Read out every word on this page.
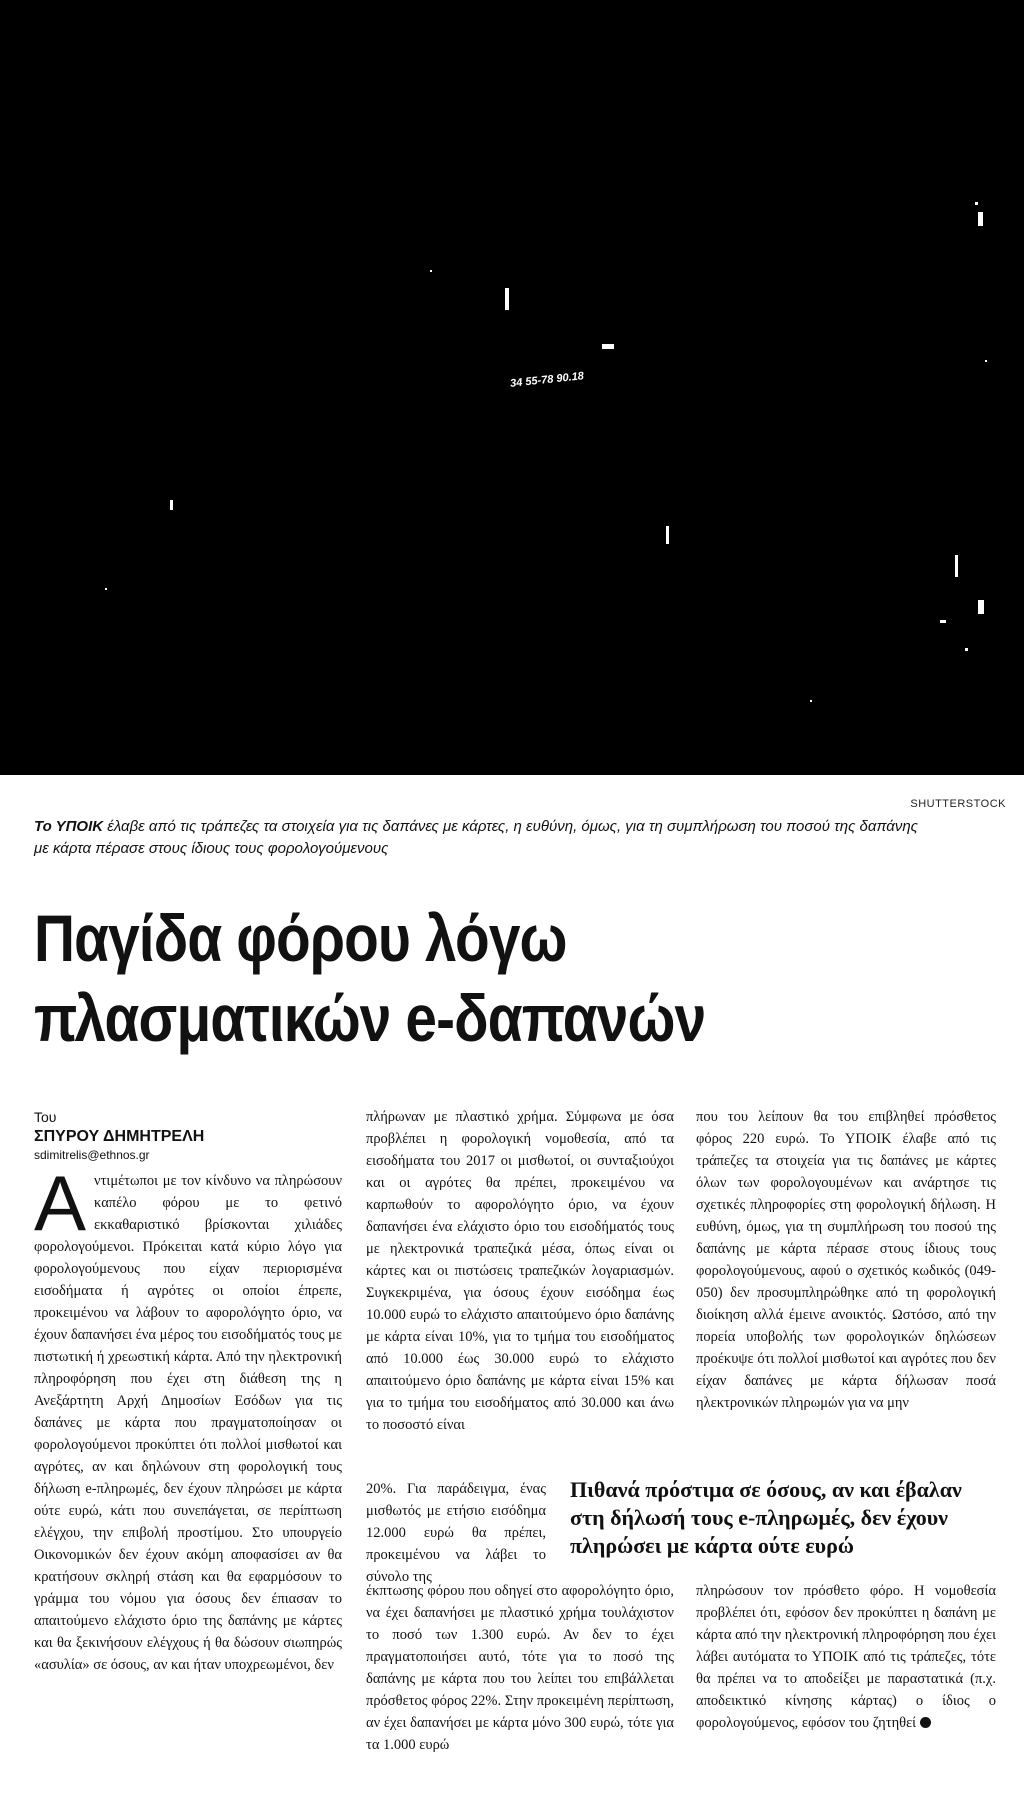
34 55-78 90.18
SHUTTERSTOCK
Το ΥΠΟΙΚ έλαβε από τις τράπεζες τα στοιχεία για τις δαπάνες με κάρτες, η ευθύνη, όμως, για τη συμπλήρωση του ποσού της δαπάνης με κάρτα πέρασε στους ίδιους τους φορολογούμενους
Παγίδα φόρου λόγω
πλασματικών e-δαπανών
Του
ΣΠΥΡΟΥ ΔΗΜΗΤΡΕΛΗ
sdimitrelis@ethnos.gr
Αντιμέτωποι με τον κίνδυνο να πληρώσουν καπέλο φόρου με το φετινό εκκαθαριστικό βρίσκονται χιλιάδες φορολογούμενοι. Πρόκειται κατά κύριο λόγο για φορολογούμενους που είχαν περιορισμένα εισοδήματα ή αγρότες οι οποίοι έπρεπε, προκειμένου να λάβουν το αφορολόγητο όριο, να έχουν δαπανήσει ένα μέρος του εισοδήματός τους με πιστωτική ή χρεωστική κάρτα. Από την ηλεκτρονική πληροφόρηση που έχει στη διάθεση της η Ανεξάρτητη Αρχή Δημοσίων Εσόδων για τις δαπάνες με κάρτα που πραγματοποίησαν οι φορολογούμενοι προκύπτει ότι πολλοί μισθωτοί και αγρότες, αν και δηλώνουν στη φορολογική τους δήλωση e-πληρωμές, δεν έχουν πληρώσει με κάρτα ούτε ευρώ, κάτι που συνεπάγεται, σε περίπτωση ελέγχου, την επιβολή προστίμου. Στο υπουργείο Οικονομικών δεν έχουν ακόμη αποφασίσει αν θα κρατήσουν σκληρή στάση και θα εφαρμόσουν το γράμμα του νόμου για όσους δεν έπιασαν το απαιτούμενο ελάχιστο όριο της δαπάνης με κάρτες και θα ξεκινήσουν ελέγχους ή θα δώσουν σιωπηρώς «ασυλία» σε όσους, αν και ήταν υποχρεωμένοι, δεν
πλήρωναν με πλαστικό χρήμα. Σύμφωνα με όσα προβλέπει η φορολογική νομοθεσία, από τα εισοδήματα του 2017 οι μισθωτοί, οι συνταξιούχοι και οι αγρότες θα πρέπει, προκειμένου να καρπωθούν το αφορολόγητο όριο, να έχουν δαπανήσει ένα ελάχιστο όριο του εισοδήματός τους με ηλεκτρονικά τραπεζικά μέσα, όπως είναι οι κάρτες και οι πιστώσεις τραπεζικών λογαριασμών. Συγκεκριμένα, για όσους έχουν εισόδημα έως 10.000 ευρώ το ελάχιστο απαιτούμενο όριο δαπάνης με κάρτα είναι 10%, για το τμήμα του εισοδήματος από 10.000 έως 30.000 ευρώ το ελάχιστο απαιτούμενο όριο δαπάνης με κάρτα είναι 15% και για το τμήμα του εισοδήματος από 30.000 και άνω το ποσοστό είναι
20%. Για παράδειγμα, ένας μισθωτός με ετήσιο εισόδημα 12.000 ευρώ θα πρέπει, προκειμένου να λάβει το σύνολο της
έκπτωσης φόρου που οδηγεί στο αφορολόγητο όριο, να έχει δαπανήσει με πλαστικό χρήμα τουλάχιστον το ποσό των 1.300 ευρώ. Αν δεν το έχει πραγματοποιήσει αυτό, τότε για το ποσό της δαπάνης με κάρτα που του λείπει του επιβάλλεται πρόσθετος φόρος 22%. Στην προκειμένη περίπτωση, αν έχει δαπανήσει με κάρτα μόνο 300 ευρώ, τότε για τα 1.000 ευρώ
που του λείπουν θα του επιβληθεί πρόσθετος φόρος 220 ευρώ. Το ΥΠΟΙΚ έλαβε από τις τράπεζες τα στοιχεία για τις δαπάνες με κάρτες όλων των φορολογουμένων και ανάρτησε τις σχετικές πληροφορίες στη φορολογική δήλωση. Η ευθύνη, όμως, για τη συμπλήρωση του ποσού της δαπάνης με κάρτα πέρασε στους ίδιους τους φορολογούμενους, αφού ο σχετικός κωδικός (049-050) δεν προσυμπληρώθηκε από τη φορολογική διοίκηση αλλά έμεινε ανοικτός. Ωστόσο, από την πορεία υποβολής των φορολογικών δηλώσεων προέκυψε ότι πολλοί μισθωτοί και αγρότες που δεν είχαν δαπάνες με κάρτα δήλωσαν ποσά ηλεκτρονικών πληρωμών για να μην
Πιθανά πρόστιμα σε όσους, αν και έβαλαν στη δήλωσή τους e-πληρωμές, δεν έχουν πληρώσει με κάρτα ούτε ευρώ
πληρώσουν τον πρόσθετο φόρο. Η νομοθεσία προβλέπει ότι, εφόσον δεν προκύπτει η δαπάνη με κάρτα από την ηλεκτρονική πληροφόρηση που έχει λάβει αυτόματα το ΥΠΟΙΚ από τις τράπεζες, τότε θα πρέπει να το αποδείξει με παραστατικά (π.χ. αποδεικτικό κίνησης κάρτας) ο ίδιος ο φορολογούμενος, εφόσον του ζητηθεί
